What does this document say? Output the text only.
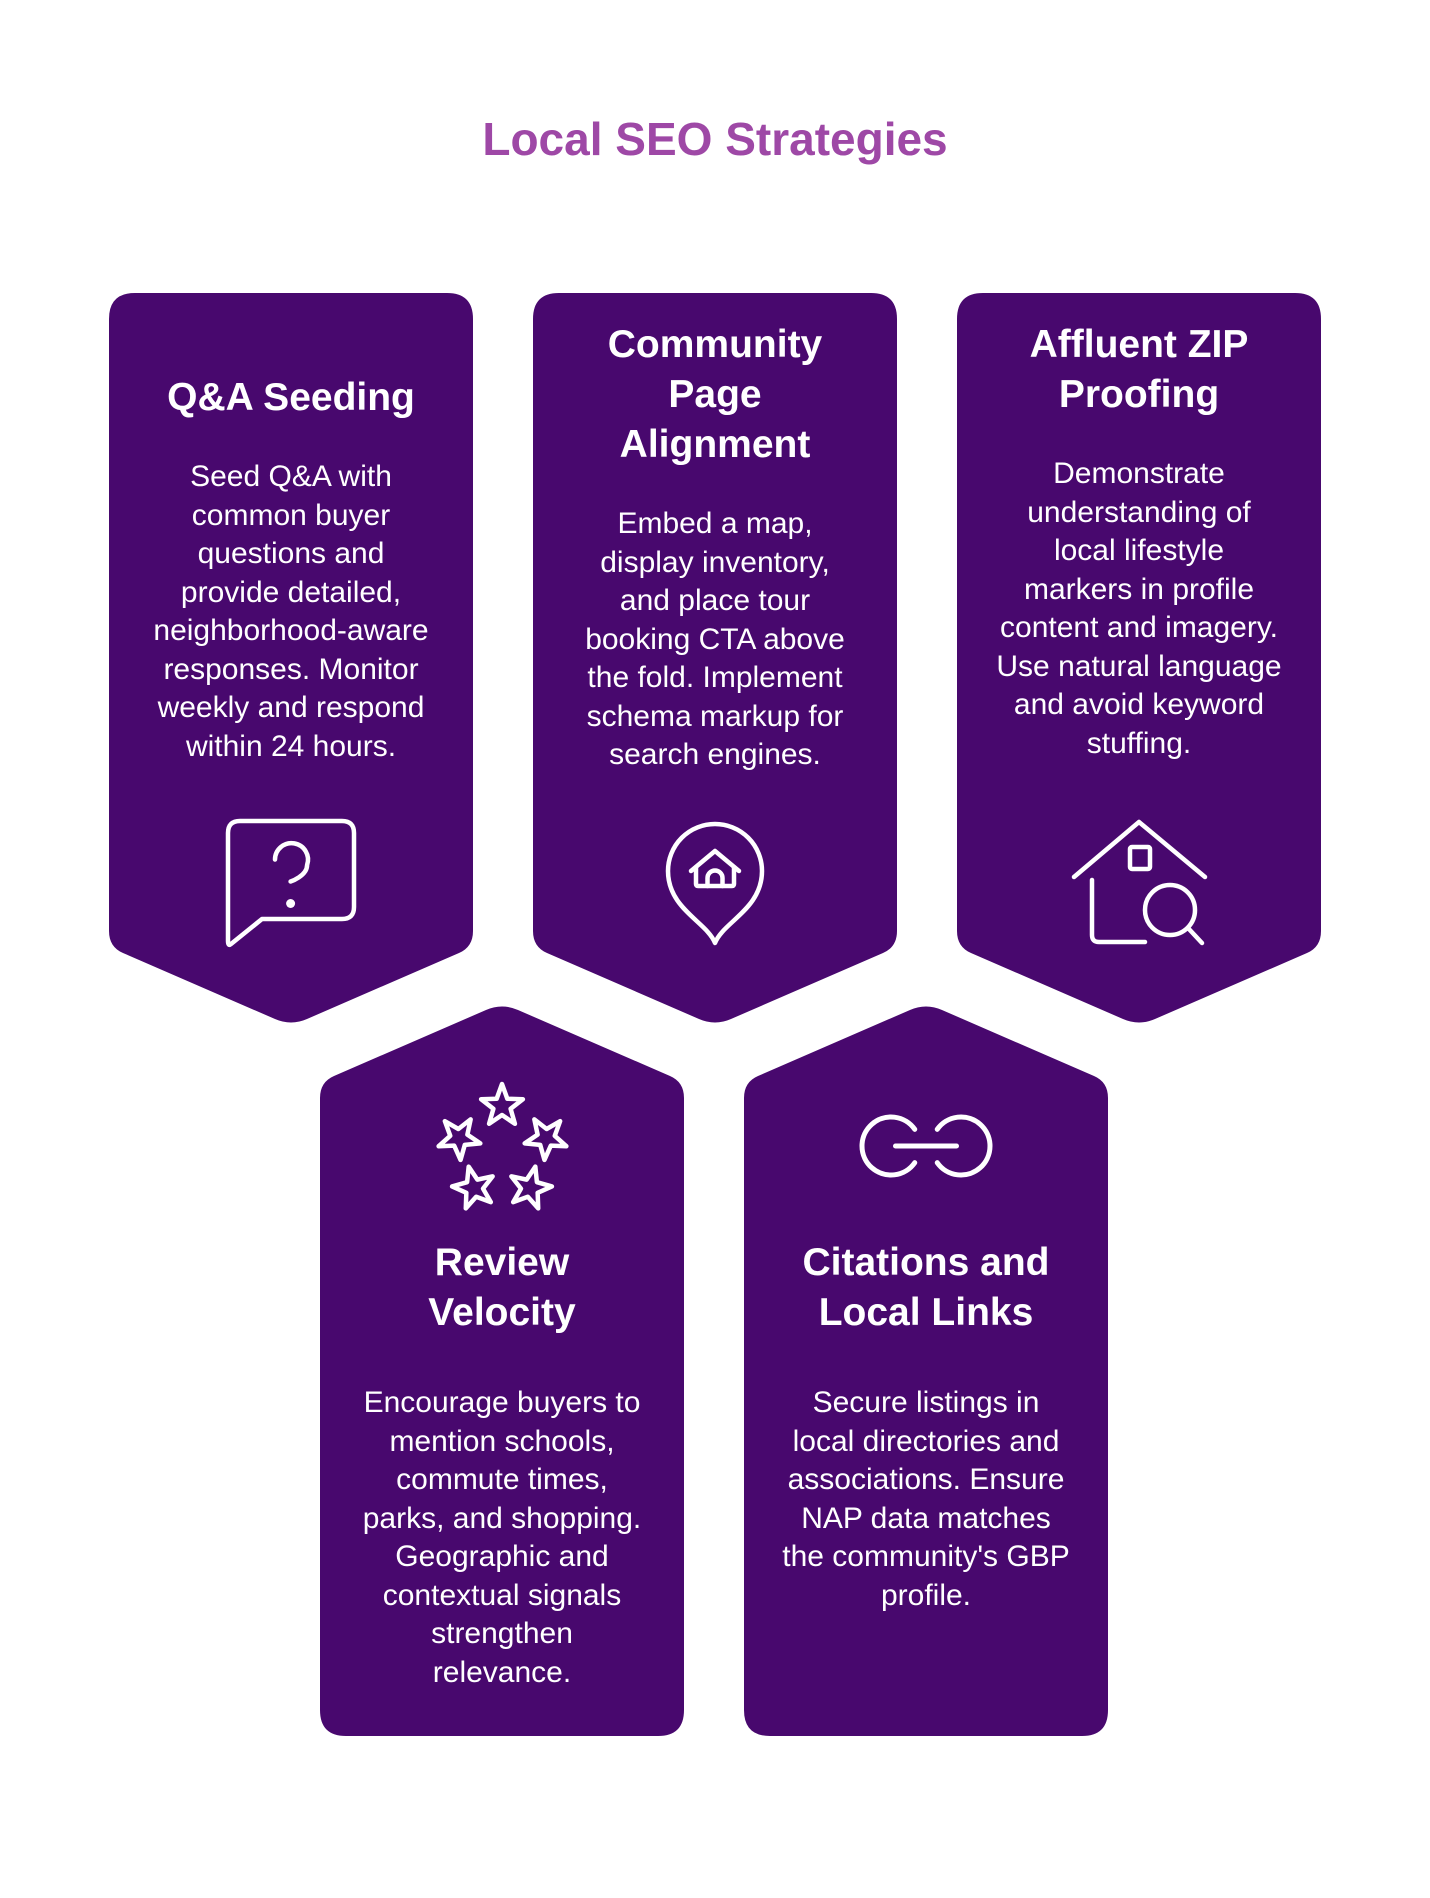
Local SEO Strategies
Q&A Seeding
Seed Q&A with
common buyer
questions and
provide detailed,
neighborhood-aware
responses. Monitor
weekly and respond
within 24 hours.
Community
Page
Alignment
Embed a map,
display inventory,
and place tour
booking CTA above
the fold. Implement
schema markup for
search engines.
Affluent ZIP
Proofing
Demonstrate
understanding of
local lifestyle
markers in profile
content and imagery.
Use natural language
and avoid keyword
stuffing.
Review
Velocity
Encourage buyers to
mention schools,
commute times,
parks, and shopping.
Geographic and
contextual signals
strengthen
relevance.
Citations and
Local Links
Secure listings in
local directories and
associations. Ensure
NAP data matches
the community's GBP
profile.
